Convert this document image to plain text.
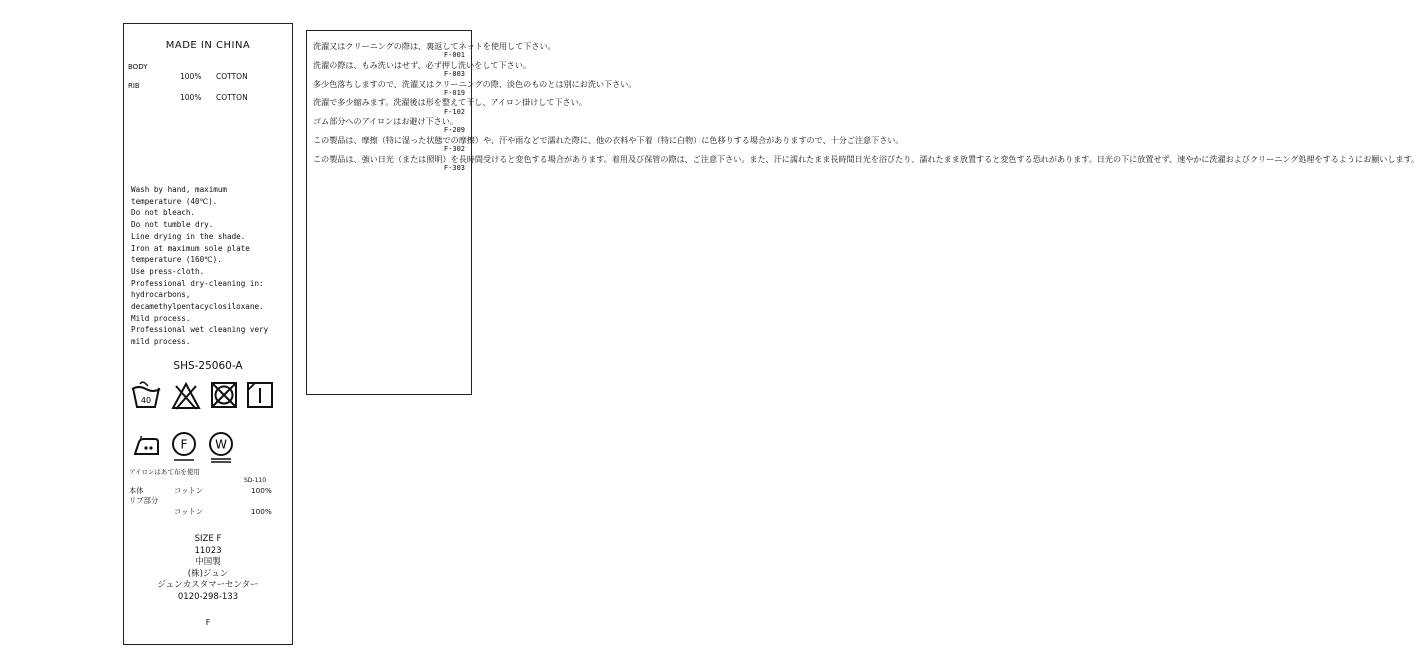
MADE IN CHINA
BODY
100% COTTON
RIB
100% COTTON
Wash by hand, maximum
temperature (40℃).
Do not bleach.
Do not tumble dry.
Line drying in the shade.
Iron at maximum sole plate
temperature (160℃).
Use press-cloth.
Professional dry-cleaning in:
hydrocarbons,
decamethylpentacyclosiloxane.
Mild process.
Professional wet cleaning very
mild process.
SHS-25060-A
40
F W
アイロンはあて布を使用
SD-110
本体	コットン	100%
リブ部分
コットン	100%
SIZE F
11023
中国製
(株)ジュン
ジュンカスタマーセンター
0120-298-133
F

洗濯又はクリーニングの際は、裏返してネットを使用して下さい。

F-001

洗濯の際は、もみ洗いはせず、必ず押し洗いをして下さい。

F-003

多少色落ちしますので、洗濯又はクリーニングの際、淡色のものとは別にお洗い下さい。

F-019

洗濯で多少縮みます。洗濯後は形を整えて干し、アイロン掛けして下さい。

F-102

ゴム部分へのアイロンはお避け下さい。

F-209

この製品は、摩擦（特に湿った状態での摩擦）や、汗や雨などで濡れた際に、他の衣料や下着（特に白物）に色移りする場合がありますので、十分ご注意下さい。

F-302

この製品は、強い日光（または照明）を長時間受けると変色する場合があります。着用及び保管の際は、ご注意下さい。また、汗に濡れたまま長時間日光を浴びたり、濡れたまま放置すると変色する恐れがあります。日光の下に放置せず、速やかに洗濯およびクリーニング処理をするようにお願いします。

F-303
